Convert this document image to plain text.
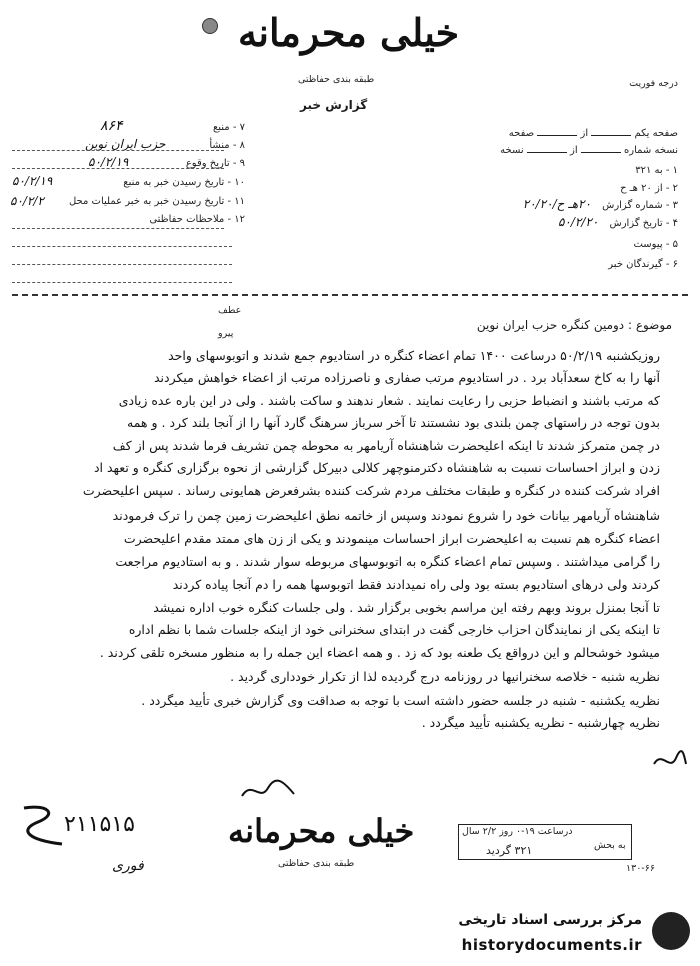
خیلی محرمانه
طبقه بندی حفاظتی
گزارش خبر
درجه فوریت
صفحه یکم  از  صفحه
نسخه شماره  از  نسخه
۱ - به ۳۲۱
۲ - از ۲۰ هـ ح
۳ - شماره گزارش ۲۰هـ ح/۲۰/۲۰
۴ - تاریخ گزارش ۵۰/۲/۲۰
۵ - پیوست
۶ - گیرندگان خبر
۷ - منبع
۸۶۴
۸ - منشأ
حزب ایران نوین
۹ - تاریخ وقوع
۵۰/۲/۱۹
۱۰ - تاریخ رسیدن خبر به منبع
۵۰/۲/۱۹
۱۱ - تاریخ رسیدن خبر به خبر عملیات محل
۵۰/۲/۲
۱۲ - ملاحظات حفاظتی
عطف
پیرو
موضوع : دومین کنگره حزب ایران نوین
روزیکشنبه ۵۰/۲/۱۹ درساعت ۱۴۰۰ تمام اعضاء کنگره در استادیوم جمع شدند و اتوبوسهای واحد
آنها را به کاخ سعدآباد برد . در استادیوم مرتب صفاری و ناصرزاده مرتب از اعضاء خواهش میکردند
که مرتب باشند و انضباط حزبی را رعایت نمایند . شعار ندهند و ساکت باشند . ولی در این باره عده زیادی
بدون توجه در راستهای چمن بلندی بود نشستند تا آخر سرباز سرهنگ گارد آنها را از آنجا بلند کرد . و همه
در چمن متمرکز شدند تا اینکه اعلیحضرت شاهنشاه آریامهر به محوطه چمن تشریف فرما شدند پس از کف
زدن و ابراز احساسات نسبت به شاهنشاه دکترمنوچهر کلالی دبیرکل گزارشی از نحوه برگزاری کنگره و تعهد اد
افراد شرکت کننده در کنگره و طبقات مختلف مردم شرکت کننده بشرفعرض همایونی رساند . سپس اعلیحضرت
شاهنشاه آریامهر بیانات خود را شروع نمودند وسپس از خاتمه نطق اعلیحضرت زمین چمن را ترک فرمودند
اعضاء کنگره هم نسبت به اعلیحضرت ابراز احساسات مینمودند و یکی از زن های ممتد مقدم اعلیحضرت
را گرامی میداشتند . وسپس تمام اعضاء کنگره به اتوبوسهای مربوطه سوار شدند . و به استادیوم مراجعت
کردند ولی درهای استادیوم بسته بود ولی راه نمیدادند فقط اتوبوسها همه را دم آنجا پیاده کردند
تا آنجا بمنزل بروند وبهم رفته این مراسم بخوبی برگزار شد . ولی جلسات کنگره خوب اداره نمیشد
تا اینکه یکی از نمایندگان احزاب خارجی گفت در ابتدای سخنرانی خود از اینکه جلسات شما با نظم اداره
میشود خوشحالم و این درواقع یک طعنه بود که زد . و همه اعضاء این جمله را به منظور مسخره تلقی کردند .
نظریه شنبه - خلاصه سخنرانیها در روزنامه درج گردیده لذا از تکرار خودداری گردید .
نظریه یکشنبه - شنبه در جلسه حضور داشته است با توجه به صداقت وی گزارش خبری تأیید میگردد .
نظریه چهارشنبه - نظریه یکشنبه تأیید میگردد .
۲۱۱۵۱۵	خیلی محرمانه
طبقه بندی حفاظتی
فوری
درساعت ۱۹-۰ روز ۲/۲ سال
به بحش
۳۲۱ گردید
۱۳۰-۶۶
مرکز بررسی اسناد تاریخی
historydocuments.ir
